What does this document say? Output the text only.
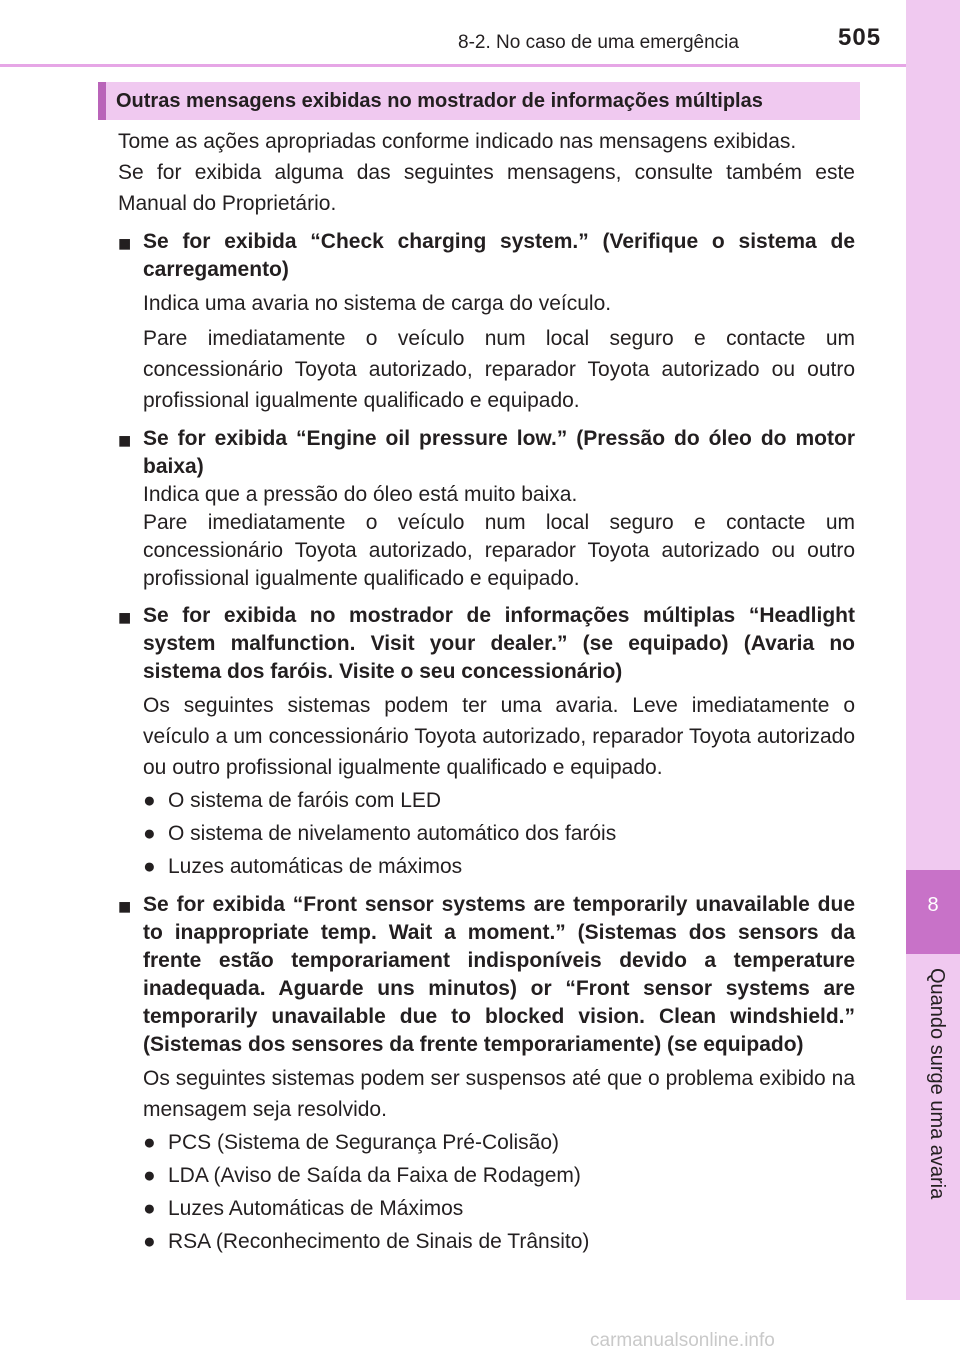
8-2. No caso de uma emergência	505
8
Quando surge uma avaria
Outras mensagens exibidas no mostrador de informações múltiplas

Tome as ações apropriadas conforme indicado nas mensagens exibidas.

Se for exibida alguma das seguintes mensagens, consulte também este Manual do Proprietário.

■ Se for exibida “Check charging system.” (Verifique o sistema de carregamento)

Indica uma avaria no sistema de carga do veículo.

Pare imediatamente o veículo num local seguro e contacte um concessionário Toyota autorizado, reparador Toyota autorizado ou outro profissional igualmente qualificado e equipado.

■ Se for exibida “Engine oil pressure low.” (Pressão do óleo do motor baixa)

Indica que a pressão do óleo está muito baixa.

Pare imediatamente o veículo num local seguro e contacte um concessionário Toyota autorizado, reparador Toyota autorizado ou outro profissional igualmente qualificado e equipado.

■ Se for exibida no mostrador de informações múltiplas “Headlight system malfunction. Visit your dealer.” (se equipado) (Avaria no sistema dos faróis. Visite o seu concessionário)

Os seguintes sistemas podem ter uma avaria. Leve imediatamente o veículo a um concessionário Toyota autorizado, reparador Toyota autorizado ou outro profissional igualmente qualificado e equipado.

● O sistema de faróis com LED
● O sistema de nivelamento automático dos faróis
● Luzes automáticas de máximos
■ Se for exibida “Front sensor systems are temporarily unavailable due to inappropriate temp. Wait a moment.” (Sistemas dos sensors da frente estão temporariament indisponíveis devido a temperature inadequada. Aguarde uns minutos) or “Front sensor systems are temporarily unavailable due to blocked vision. Clean windshield.” (Sistemas dos sensores da frente temporariamente) (se equipado)

Os seguintes sistemas podem ser suspensos até que o problema exibido na mensagem seja resolvido.

● PCS (Sistema de Segurança Pré-Colisão)
● LDA (Aviso de Saída da Faixa de Rodagem)
● Luzes Automáticas de Máximos
● RSA (Reconhecimento de Sinais de Trânsito)
carmanualsonline.info
